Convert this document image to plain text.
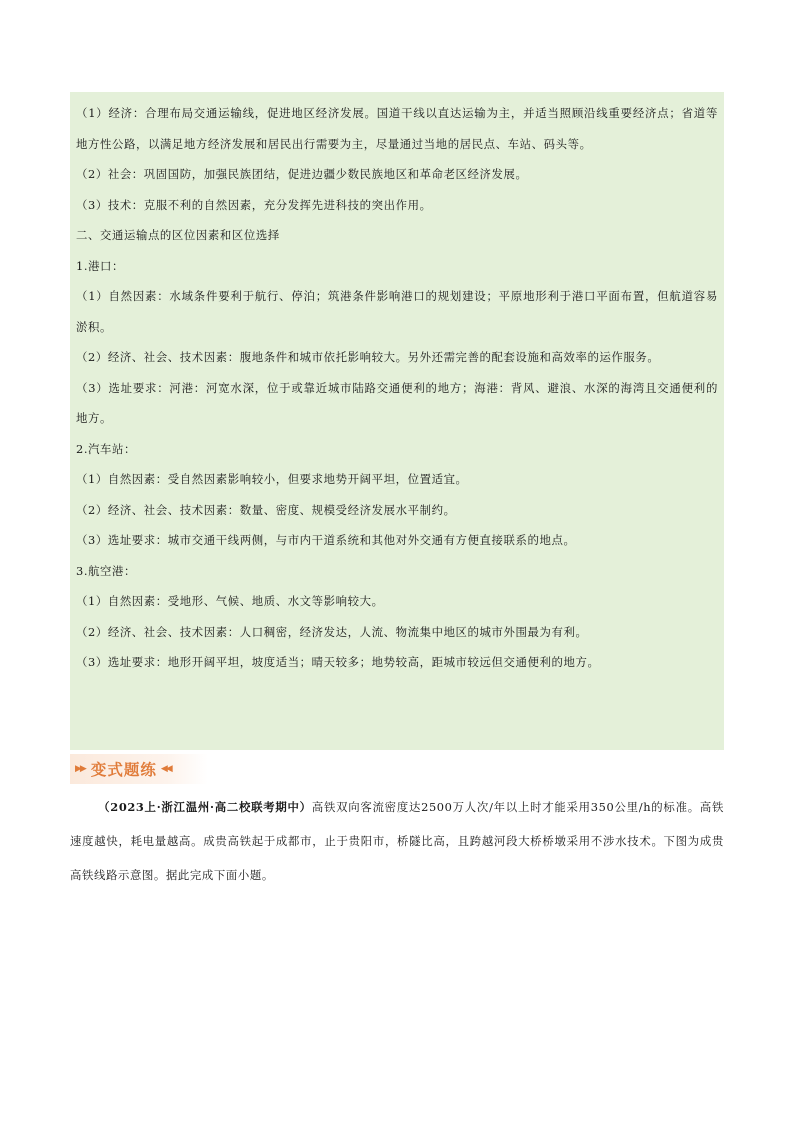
（1）经济：合理布局交通运输线，促进地区经济发展。国道干线以直达运输为主，并适当照顾沿线重要经济点；省道等地方性公路，以满足地方经济发展和居民出行需要为主，尽量通过当地的居民点、车站、码头等。

（2）社会：巩固国防，加强民族团结，促进边疆少数民族地区和革命老区经济发展。

（3）技术：克服不利的自然因素，充分发挥先进科技的突出作用。

二、交通运输点的区位因素和区位选择

1.港口：

（1）自然因素：水域条件要利于航行、停泊；筑港条件影响港口的规划建设；平原地形利于港口平面布置，但航道容易淤积。

（2）经济、社会、技术因素：腹地条件和城市依托影响较大。另外还需完善的配套设施和高效率的运作服务。

（3）选址要求：河港：河宽水深，位于或靠近城市陆路交通便利的地方；海港：背风、避浪、水深的海湾且交通便利的地方。

2.汽车站：

（1）自然因素：受自然因素影响较小，但要求地势开阔平坦，位置适宜。

（2）经济、社会、技术因素：数量、密度、规模受经济发展水平制约。

（3）选址要求：城市交通干线两侧，与市内干道系统和其他对外交通有方便直接联系的地点。

3.航空港：

（1）自然因素：受地形、气候、地质、水文等影响较大。

（2）经济、社会、技术因素：人口稠密，经济发达，人流、物流集中地区的城市外围最为有利。

（3）选址要求：地形开阔平坦，坡度适当；晴天较多；地势较高，距城市较远但交通便利的地方。

▶▶ 变式题练 ◀◀

（2023上·浙江温州·高二校联考期中）高铁双向客流密度达2500万人次/年以上时才能采用350公里/h的标准。高铁速度越快，耗电量越高。成贵高铁起于成都市，止于贵阳市，桥隧比高，且跨越河段大桥桥墩采用不涉水技术。下图为成贵高铁线路示意图。据此完成下面小题。
